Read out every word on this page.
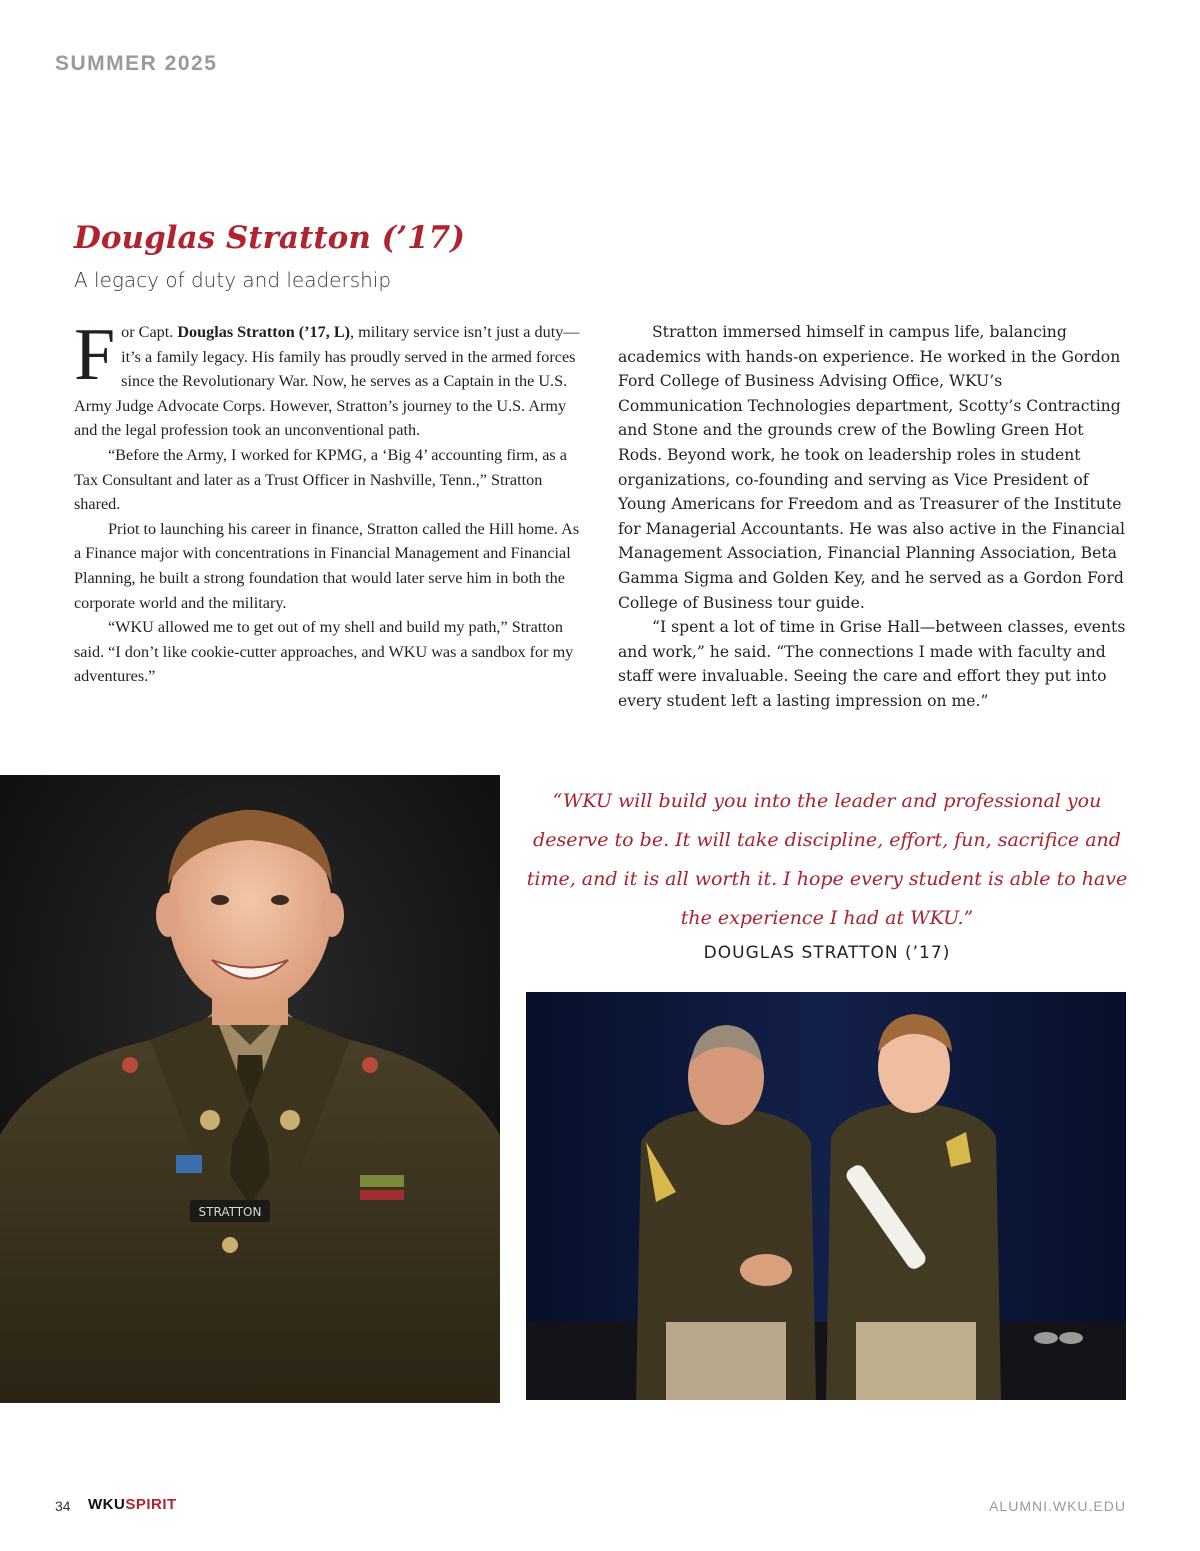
SUMMER 2025
Douglas Stratton (’17)
A legacy of duty and leadership

For Capt. Douglas Stratton (’17, L), military service isn’t just a duty—it’s a family legacy. His family has proudly served in the armed forces since the Revolutionary War. Now, he serves as a Captain in the U.S. Army Judge Advocate Corps. However, Stratton’s journey to the U.S. Army and the legal profession took an unconventional path.

“Before the Army, I worked for KPMG, a ‘Big 4’ accounting firm, as a Tax Consultant and later as a Trust Officer in Nashville, Tenn.,” Stratton shared.

Priot to launching his career in finance, Stratton called the Hill home. As a Finance major with concentrations in Financial Management and Financial Planning, he built a strong foundation that would later serve him in both the corporate world and the military.

“WKU allowed me to get out of my shell and build my path,” Stratton said. “I don’t like cookie-cutter approaches, and WKU was a sandbox for my adventures.”

Stratton immersed himself in campus life, balancing academics with hands-on experience. He worked in the Gordon Ford College of Business Advising Office, WKU’s Communication Technologies department, Scotty’s Contracting and Stone and the grounds crew of the Bowling Green Hot Rods. Beyond work, he took on leadership roles in student organizations, co-founding and serving as Vice President of Young Americans for Freedom and as Treasurer of the Institute for Managerial Accountants. He was also active in the Financial Management Association, Financial Planning Association, Beta Gamma Sigma and Golden Key, and he served as a Gordon Ford College of Business tour guide.

“I spent a lot of time in Grise Hall—between classes, events and work,” he said. “The connections I made with faculty and staff were invaluable. Seeing the care and effort they put into every student left a lasting impression on me.”

STRATTON
“WKU will build you into the leader and professional you deserve to be. It will take discipline, effort, fun, sacrifice and time, and it is all worth it. I hope every student is able to have the experience I had at WKU.”
DOUGLAS STRATTON (’17)
34 WKUSPIRIT	ALUMNI.WKU.EDU
